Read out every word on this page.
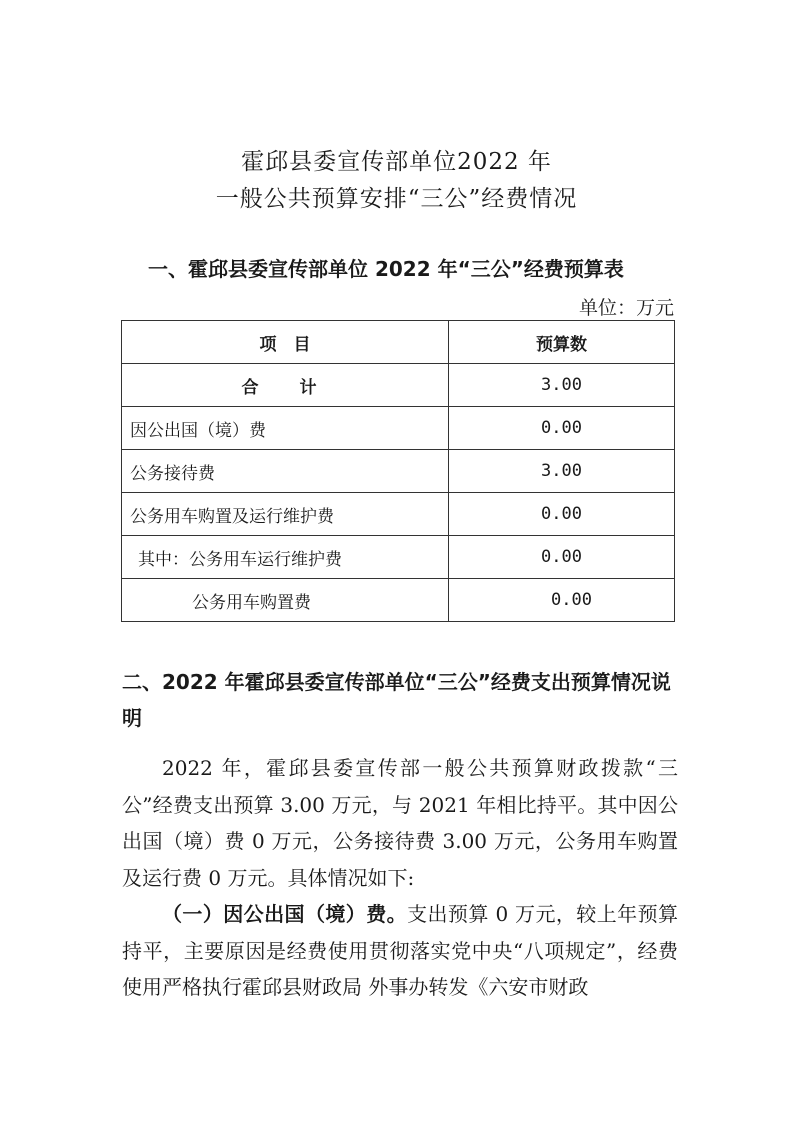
霍邱县委宣传部单位2022 年
一般公共预算安排“三公”经费情况
一、霍邱县委宣传部单位 2022 年“三公”经费预算表
单位：万元
项　目	预算数
合　计	3.00
因公出国（境）费	0.00
公务接待费	3.00
公务用车购置及运行维护费	0.00
其中：公务用车运行维护费	0.00
公务用车购置费	0.00
二、2022 年霍邱县委宣传部单位“三公”经费支出预算情况说明
2022 年，霍邱县委宣传部一般公共预算财政拨款“三公”经费支出预算 3.00 万元，与 2021 年相比持平。其中因公出国（境）费 0 万元，公务接待费 3.00 万元，公务用车购置及运行费 0 万元。具体情况如下:
（一）因公出国（境）费。支出预算 0 万元，较上年预算持平，主要原因是经费使用贯彻落实党中央“八项规定”，经费使用严格执行霍邱县财政局 外事办转发《六安市财政
